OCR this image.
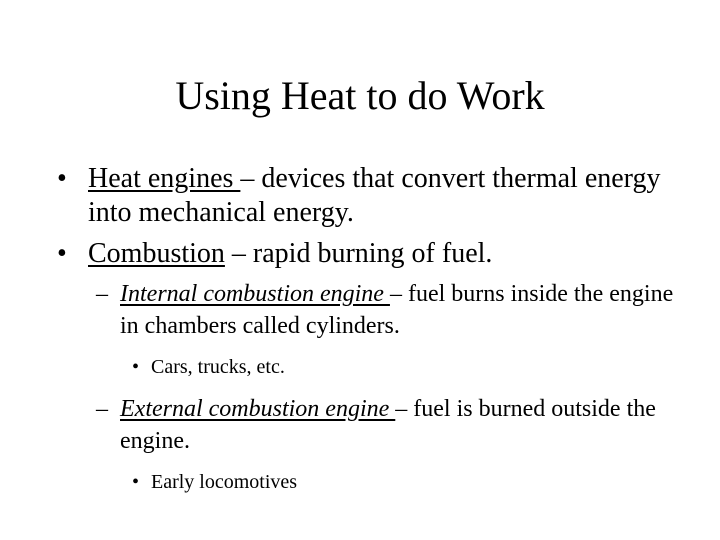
Using Heat to do Work
• Heat engines – devices that convert thermal energy into mechanical energy.
• Combustion – rapid burning of fuel.
– Internal combustion engine – fuel burns inside the engine in chambers called cylinders.
• Cars, trucks, etc.
– External combustion engine – fuel is burned outside the engine.
• Early locomotives
